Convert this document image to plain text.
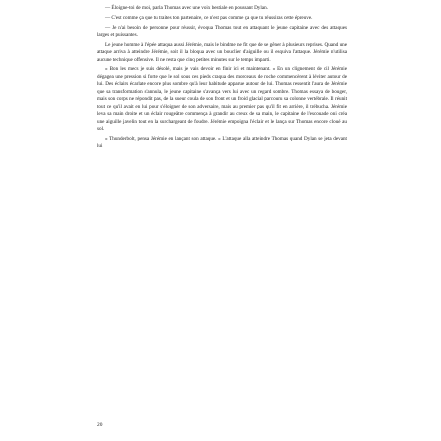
— Éloigne-toi de moi, parla Thomas avec une voix bestiale en poussant Dylan.

— C'est comme ça que tu traites ton partenaire, ce n'est pas comme ça que tu réussiras cette épreuve.

— Je n'ai besoin de personne pour réussir, évoqua Thomas tout en attaquant le jeune capitaine avec des attaques larges et puissantes.

Le jeune homme à l'épée attaqua aussi Jérémie, mais le bindme ne fit que de se gêner à plusieurs reprises. Quand une attaque arriva à atteindre Jérémie, soit il la bloqua avec un bouclier d'aiguille ou il esquiva l'attaque. Jérémie n'utilisa aucune technique offensive. Il ne resta que cinq petites minutes sur le temps imparti.

« Bon les mecs je suis désolé, mais je vais devoir en finir ici et maintenant. » En un clignement de cil Jérémie dégagea une pression si forte que le sol sous ces pieds craqua des morceaux de roche commencèrent à léviter autour de lui. Des éclairs écarlate encore plus sombre qu'à leur habitude apparue autour de lui. Thomas ressentit l'aura de Jérémie que sa transformation s'annula, le jeune capitaine s'avança vers lui avec un regard sombre. Thomas essaya de bouger, mais son corps ne répondit pas, de la sueur coula de son front et un froid glacial parcouru sa colonne vertébrale. Il réunit tout ce qu'il avait en lui pour s'éloigner de son adversaire, mais au premier pas qu'il fit en arrière, il trébucha. Jérémie leva sa main droite et un éclair rougeâtre commença à grandir au creux de sa main, le capitaine de l'escouade oni créa une aiguille javelin tout en la surchargeant de foudre. Jérémie empoigna l'éclair et le lança sur Thomas encore cloué au sol.

« Thunderbolt, pensa Jérémie en lançant son attaque. » L'attaque alla atteindre Thomas quand Dylan se jeta devant lui

20
